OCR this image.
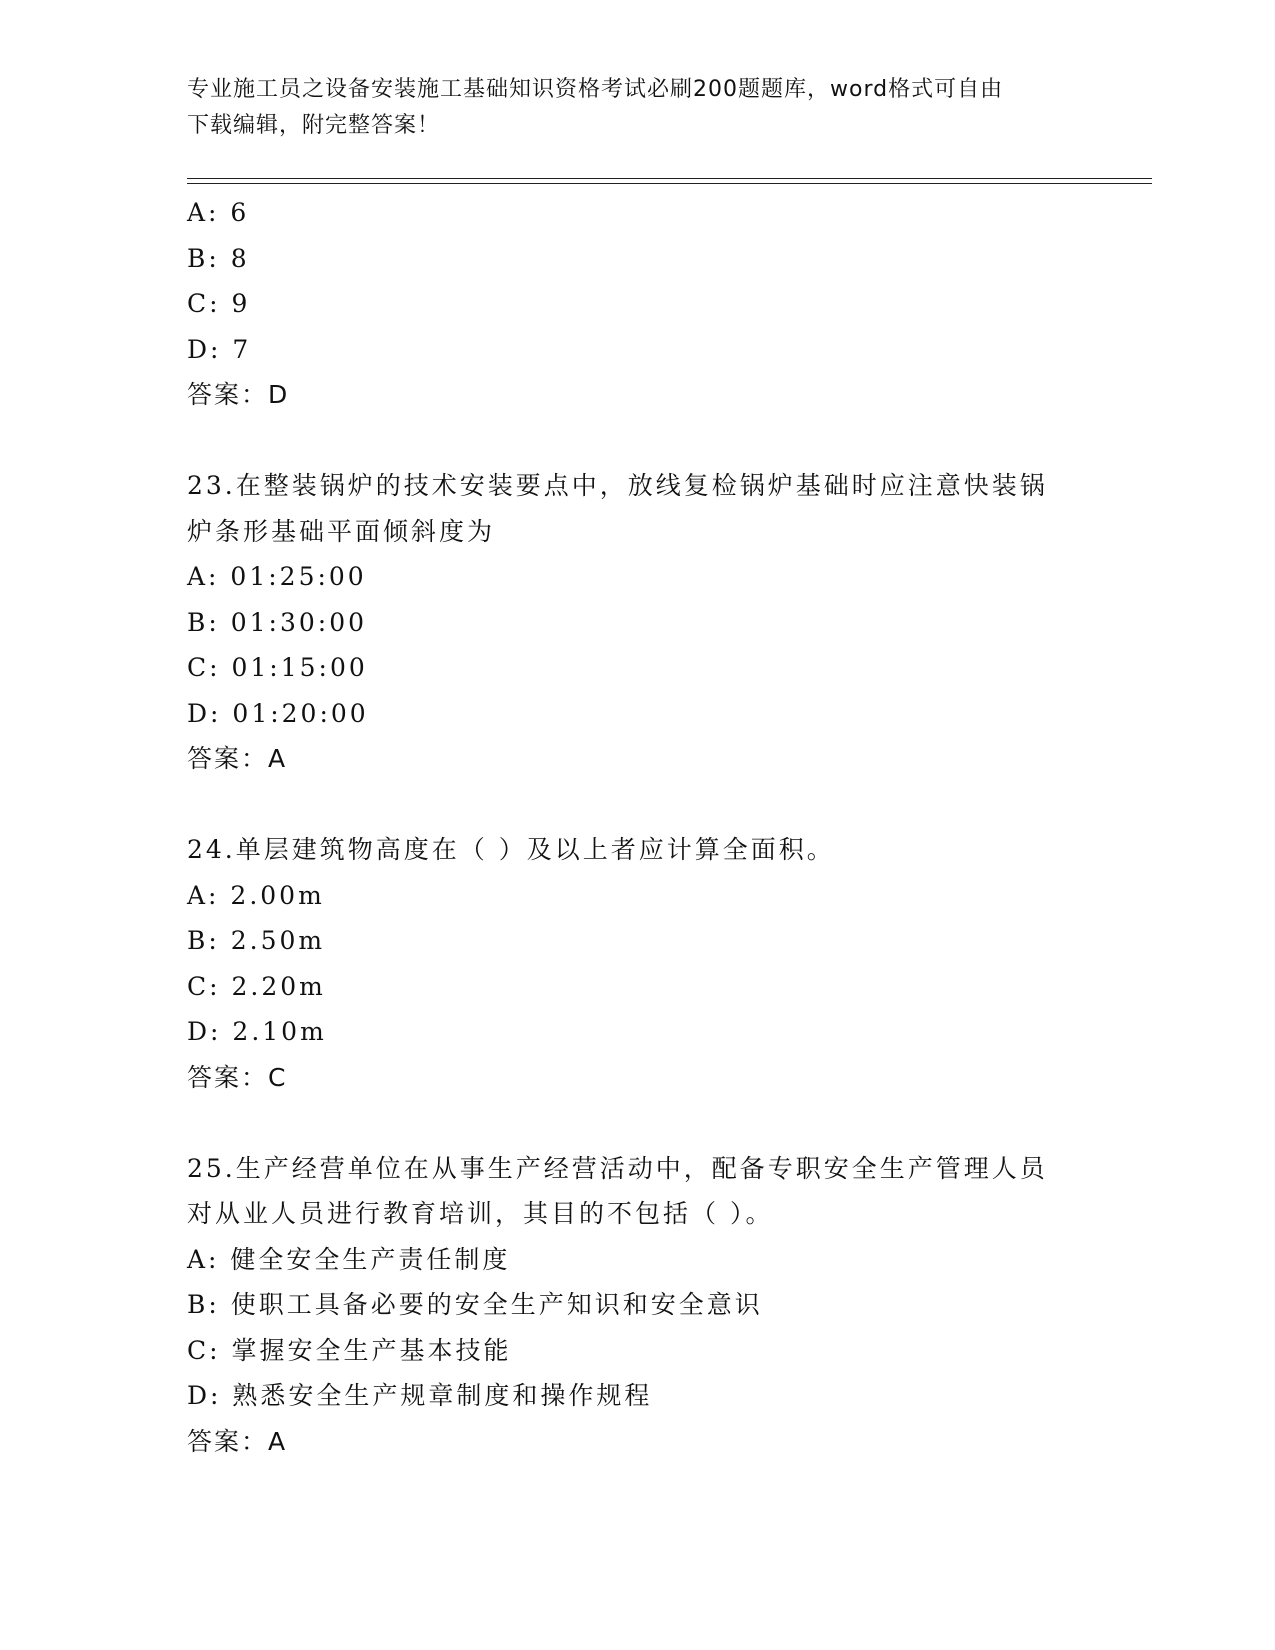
专业施工员之设备安装施工基础知识资格考试必刷200题题库，word格式可自由
下载编辑，附完整答案！
A: 6
B: 8
C: 9
D: 7
答案：D
23.在整装锅炉的技术安装要点中，放线复检锅炉基础时应注意快装锅
炉条形基础平面倾斜度为
A: 01:25:00
B: 01:30:00
C: 01:15:00
D: 01:20:00
答案：A
24.单层建筑物高度在（ ）及以上者应计算全面积。
A: 2.00m
B: 2.50m
C: 2.20m
D: 2.10m
答案：C
25.生产经营单位在从事生产经营活动中，配备专职安全生产管理人员
对从业人员进行教育培训，其目的不包括（ ）。
A: 健全安全生产责任制度
B: 使职工具备必要的安全生产知识和安全意识
C: 掌握安全生产基本技能
D: 熟悉安全生产规章制度和操作规程
答案：A
